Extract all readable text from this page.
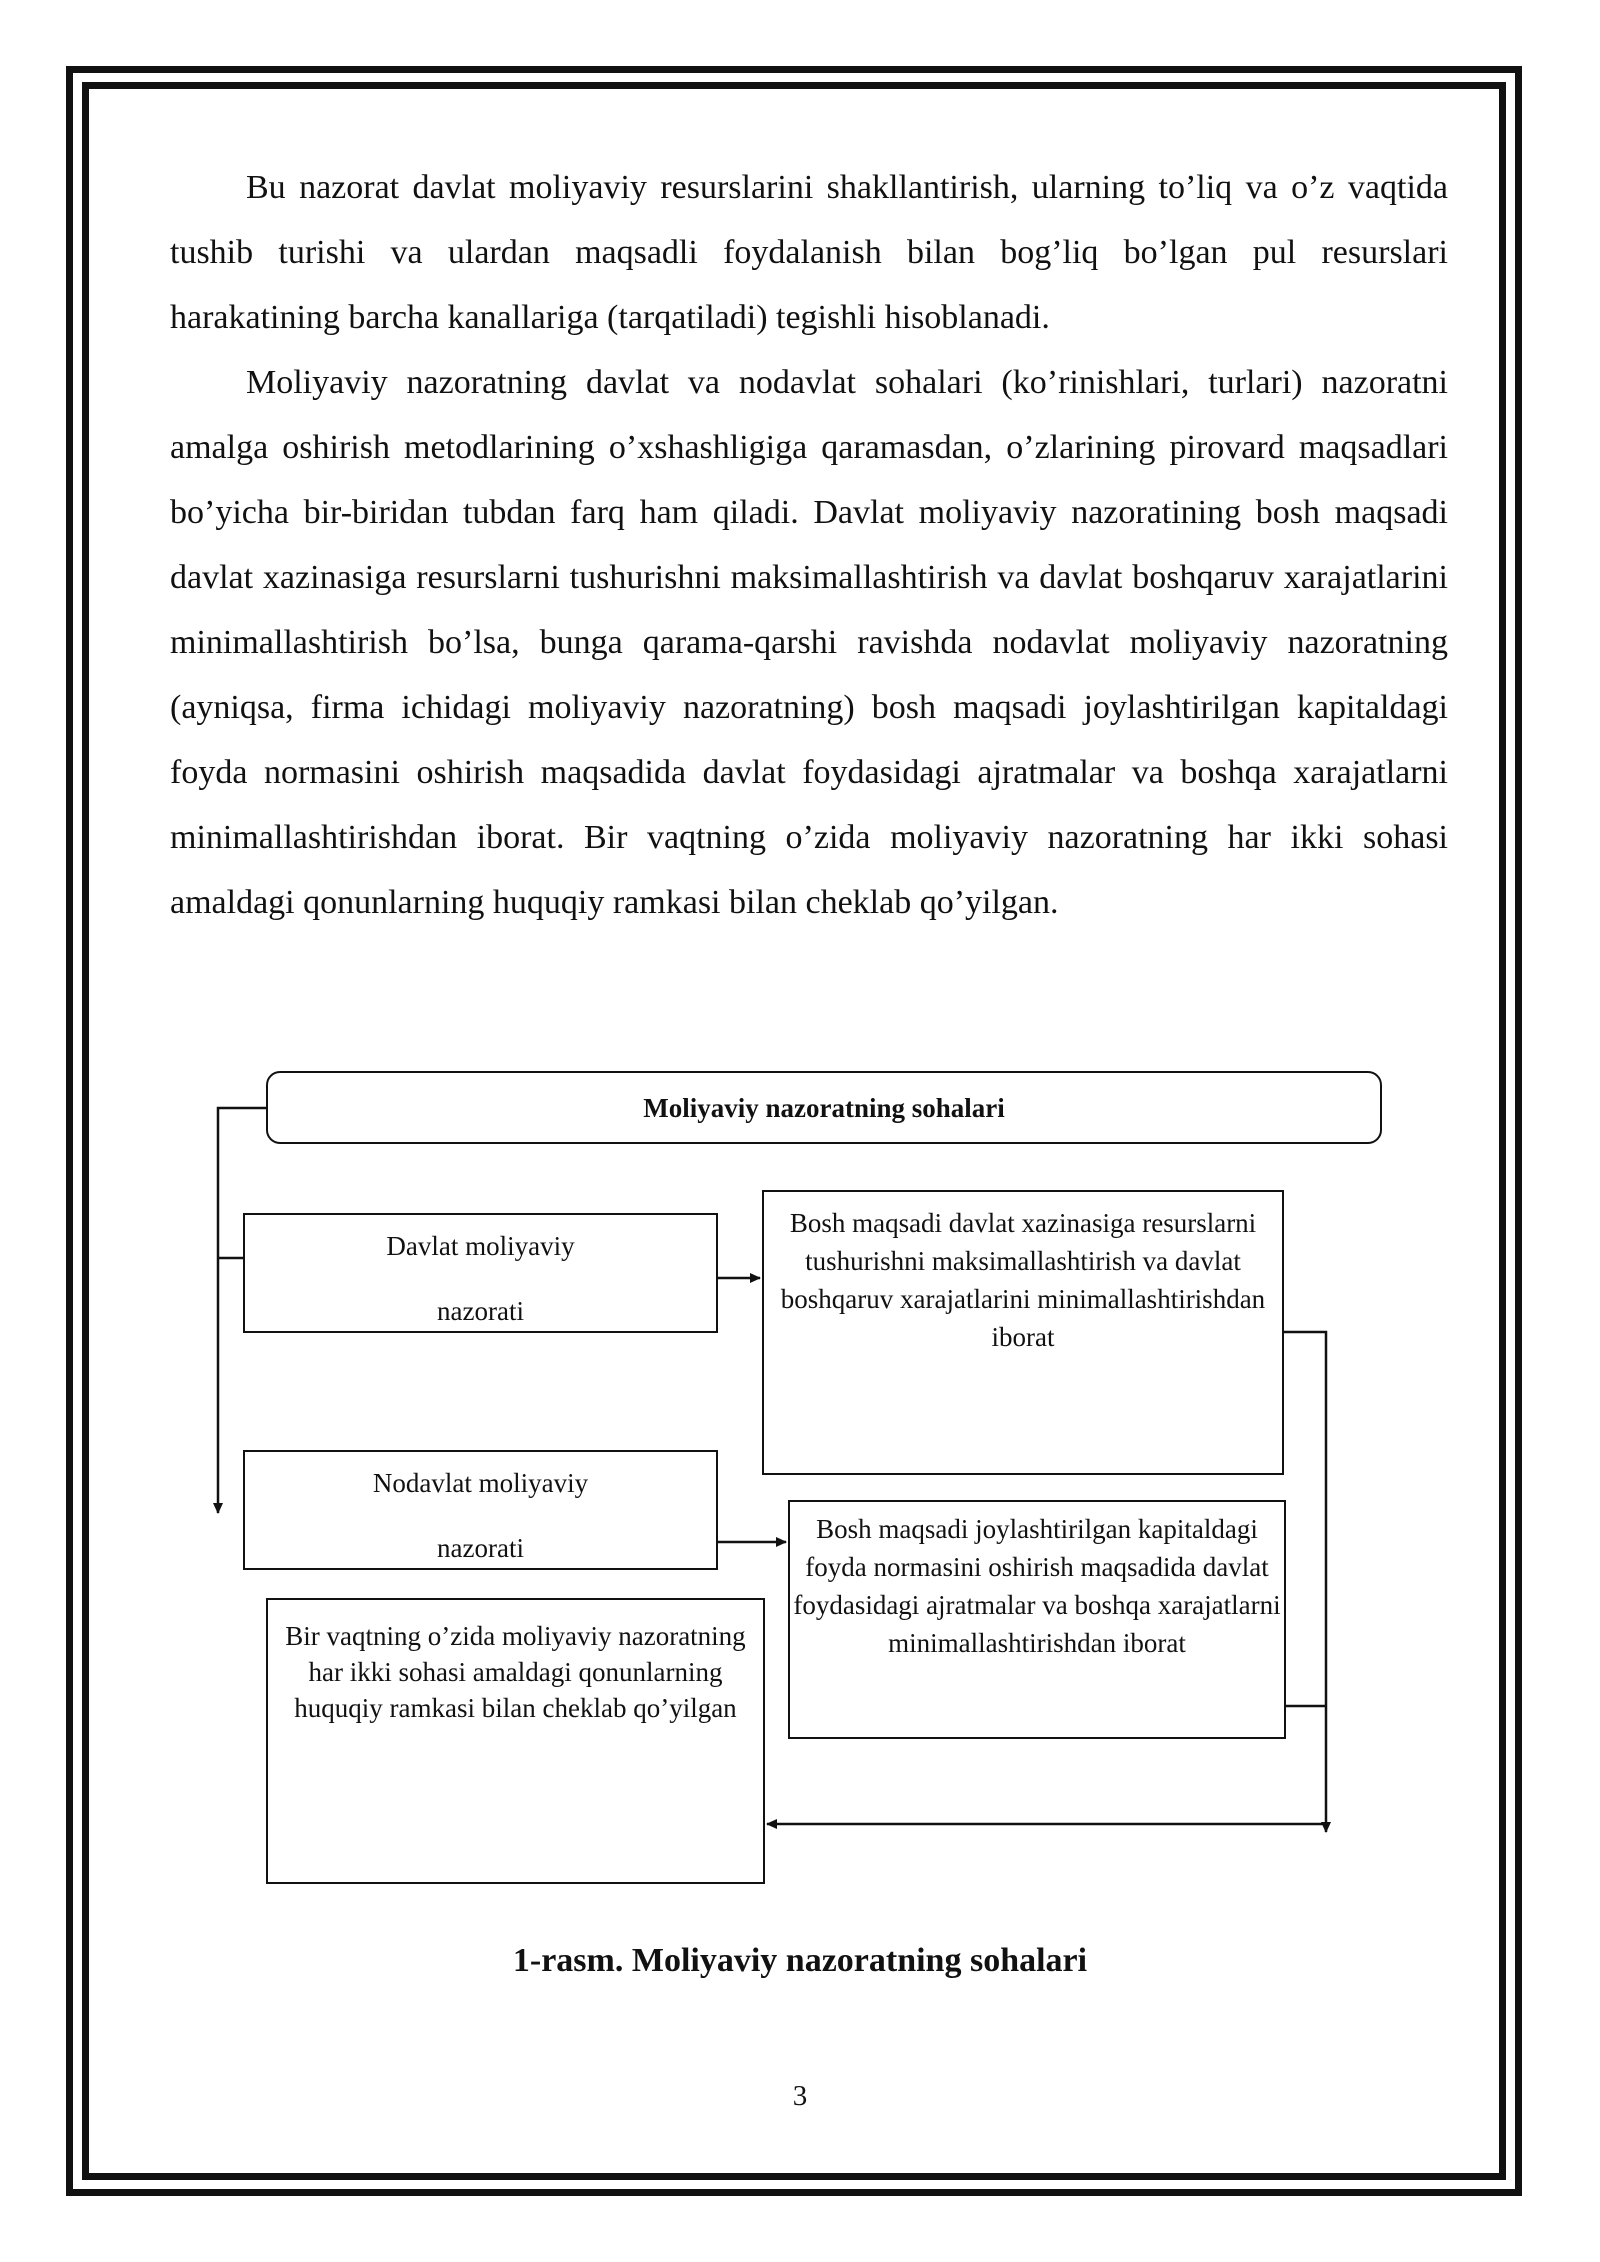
Bu nazorat davlat moliyaviy resurslarini shakllantirish, ularning to’liq va o’z vaqtida tushib turishi va ulardan maqsadli foydalanish bilan bog’liq bo’lgan pul resurslari harakatining barcha kanallariga (tarqatiladi) tegishli hisoblanadi.

Moliyaviy nazoratning davlat va nodavlat sohalari (ko’rinishlari, turlari) nazoratni amalga oshirish metodlarining o’xshashligiga qaramasdan, o’zlarining pirovard maqsadlari bo’yicha bir-biridan tubdan farq ham qiladi. Davlat moliyaviy nazoratining bosh maqsadi davlat xazinasiga resurslarni tushurishni maksimallashtirish va davlat boshqaruv xarajatlarini minimallashtirish bo’lsa, bunga qarama-qarshi ravishda nodavlat moliyaviy nazoratning (ayniqsa, firma ichidagi moliyaviy nazoratning) bosh maqsadi joylashtirilgan kapitaldagi foyda normasini oshirish maqsadida davlat foydasidagi ajratmalar va boshqa xarajatlarni minimallashtirishdan iborat. Bir vaqtning o’zida moliyaviy nazoratning har ikki sohasi amaldagi qonunlarning huquqiy ramkasi bilan cheklab qo’yilgan.

Moliyaviy nazoratning sohalari
Davlat moliyaviy
nazorati
Nodavlat moliyaviy
nazorati
Bosh maqsadi davlat xazinasiga resurslarni tushurishni maksimallashtirish va davlat boshqaruv xarajatlarini minimallashtirishdan iborat
Bosh maqsadi joylashtirilgan kapitaldagi foyda normasini oshirish maqsadida davlat foydasidagi ajratmalar va boshqa xarajatlarni minimallashtirishdan iborat
Bir vaqtning o’zida moliyaviy nazoratning har ikki sohasi amaldagi qonunlarning huquqiy ramkasi bilan cheklab qo’yilgan
1-rasm. Moliyaviy nazoratning sohalari
3
